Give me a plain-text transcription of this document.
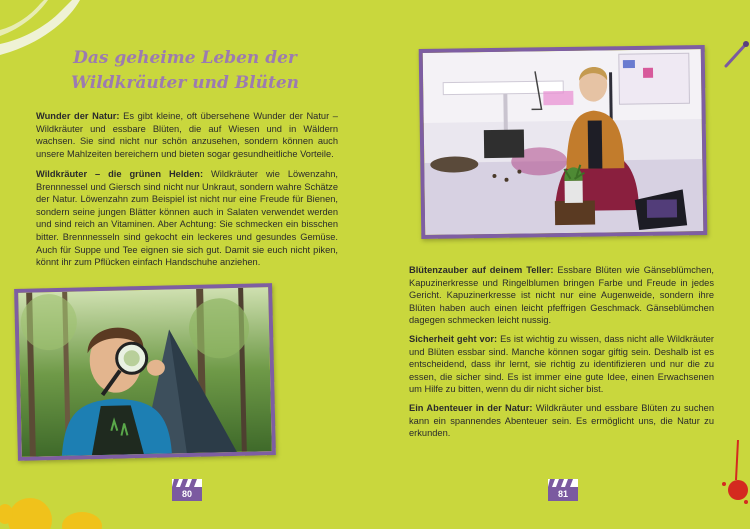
Das geheime Leben der
Wildkräuter und Blüten

Wunder der Natur: Es gibt kleine, oft übersehene Wunder der Natur – Wildkräuter und essbare Blüten, die auf Wiesen und in Wäldern wachsen. Sie sind nicht nur schön anzusehen, sondern können auch unsere Mahlzeiten bereichern und bieten sogar gesundheitliche Vorteile.

Wildkräuter – die grünen Helden: Wildkräuter wie Löwenzahn, Brennnessel und Giersch sind nicht nur Unkraut, sondern wahre Schätze der Natur. Löwenzahn zum Beispiel ist nicht nur eine Freude für Bienen, sondern seine jungen Blätter können auch in Salaten verwendet werden und sind reich an Vitaminen. Aber Achtung: Sie schmecken ein bisschen bitter. Brennnesseln sind gekocht ein leckeres und gesundes Gemüse. Auch für Suppe und Tee eignen sie sich gut. Damit sie euch nicht piken, könnt ihr zum Pflücken einfach Handschuhe anziehen.

80

Blütenzauber auf deinem Teller: Essbare Blüten wie Gänseblümchen, Kapuzinerkresse und Ringelblumen bringen Farbe und Freude in jedes Gericht. Kapuzinerkresse ist nicht nur eine Augenweide, sondern ihre Blüten haben auch einen leicht pfeffrigen Geschmack. Gänseblümchen dagegen schmecken leicht nussig.

Sicherheit geht vor: Es ist wichtig zu wissen, dass nicht alle Wildkräuter und Blüten essbar sind. Manche können sogar giftig sein. Deshalb ist es entscheidend, dass ihr lernt, sie richtig zu identifizieren und nur die zu essen, die sicher sind. Es ist immer eine gute Idee, einen Erwachsenen um Hilfe zu bitten, wenn du dir nicht sicher bist.

Ein Abenteuer in der Natur: Wildkräuter und essbare Blüten zu suchen kann ein spannendes Abenteuer sein. Es ermöglicht uns, die Natur zu erkunden.

81
